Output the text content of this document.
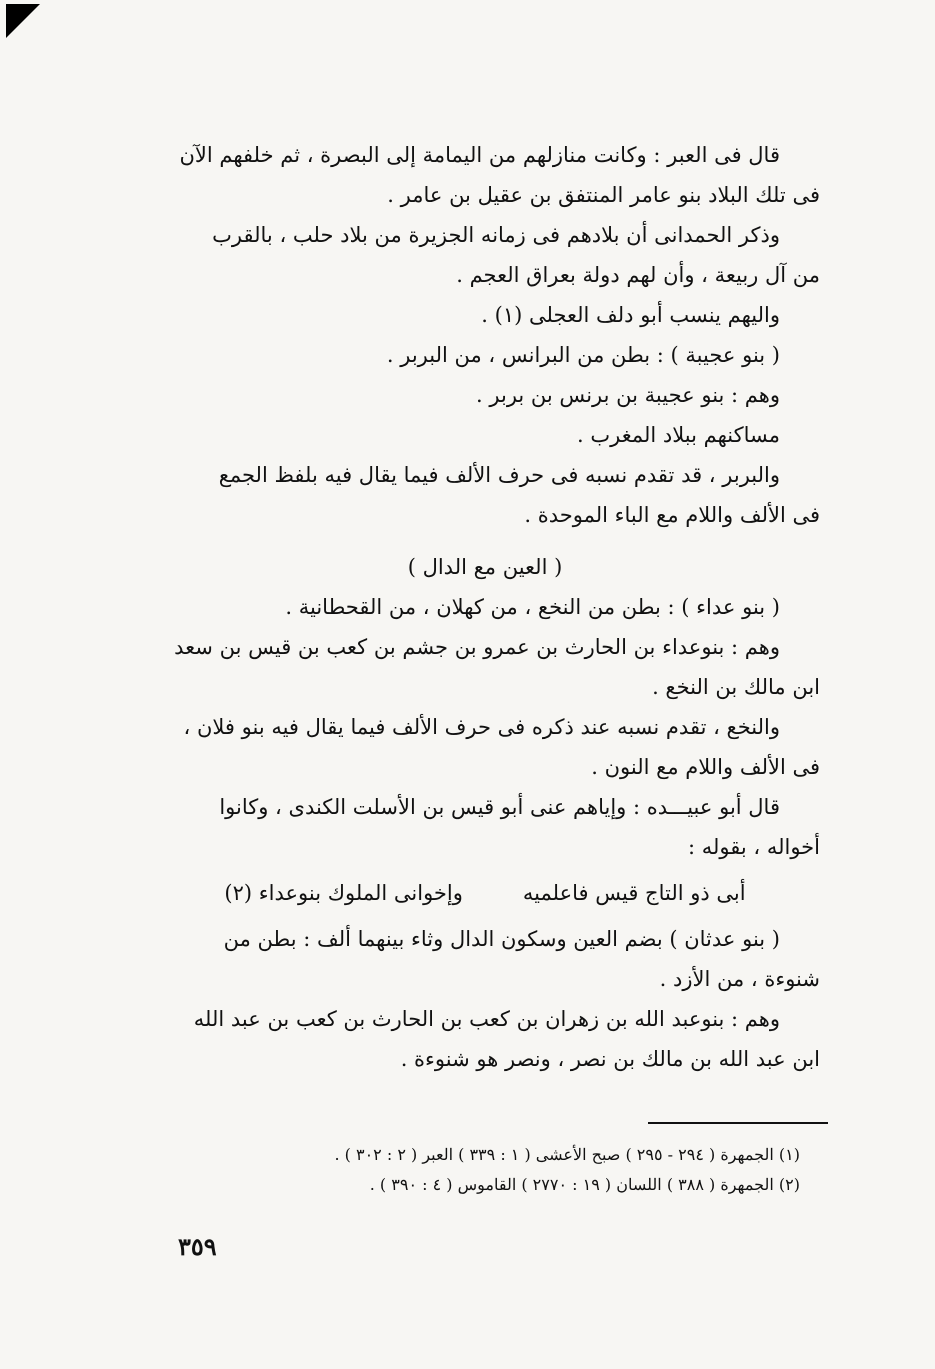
قال فى العبر : وكانت منازلهم من اليمامة إلى البصرة ، ثم خلفهم الآن

فى تلك البلاد بنو عامر المنتفق بن عقيل بن عامر .

وذكر الحمدانى أن بلادهم فى زمانه الجزيرة من بلاد حلب ، بالقرب

من آل ربيعة ، وأن لهم دولة بعراق العجم .

واليهم ينسب أبو دلف العجلى (١) .

( بنو عجيبة ) : بطن من البرانس ، من البربر .

وهم : بنو عجيبة بن برنس بن بربر .

مساكنهم ببلاد المغرب .

والبربر ، قد تقدم نسبه فى حرف الألف فيما يقال فيه بلفظ الجمع

فى الألف واللام مع الباء الموحدة .

( العين مع الدال )

( بنو عداء ) : بطن من النخع ، من كهلان ، من القحطانية .

وهم : بنوعداء بن الحارث بن عمرو بن جشم بن كعب بن قيس بن سعد

ابن مالك بن النخع .

والنخع ، تقدم نسبه عند ذكره فى حرف الألف فيما يقال فيه بنو فلان ،

فى الألف واللام مع النون .

قال أبو عبيـــده : وإياهم عنى أبو قيس بن الأسلت الكندى ، وكانوا

أخواله ، بقوله :

أبى ذو التاج قيس فاعلميه
وإخوانى الملوك بنوعداء (٢)

( بنو عدثان ) بضم العين وسكون الدال وثاء بينهما ألف : بطن من

شنوءة ، من الأزد .

وهم : بنوعبد الله بن زهران بن كعب بن الحارث بن كعب بن عبد الله

ابن عبد الله بن مالك بن نصر ، ونصر هو شنوءة .

(١) الجمهرة ( ٢٩٤ - ٢٩٥ ) صبح الأعشى ( ١ : ٣٣٩ ) العبر ( ٢ : ٣٠٢ ) .
(٢) الجمهرة ( ٣٨٨ ) اللسان ( ١٩ : ٢٧٧٠ ) القاموس ( ٤ : ٣٩٠ ) .
٣٥٩
